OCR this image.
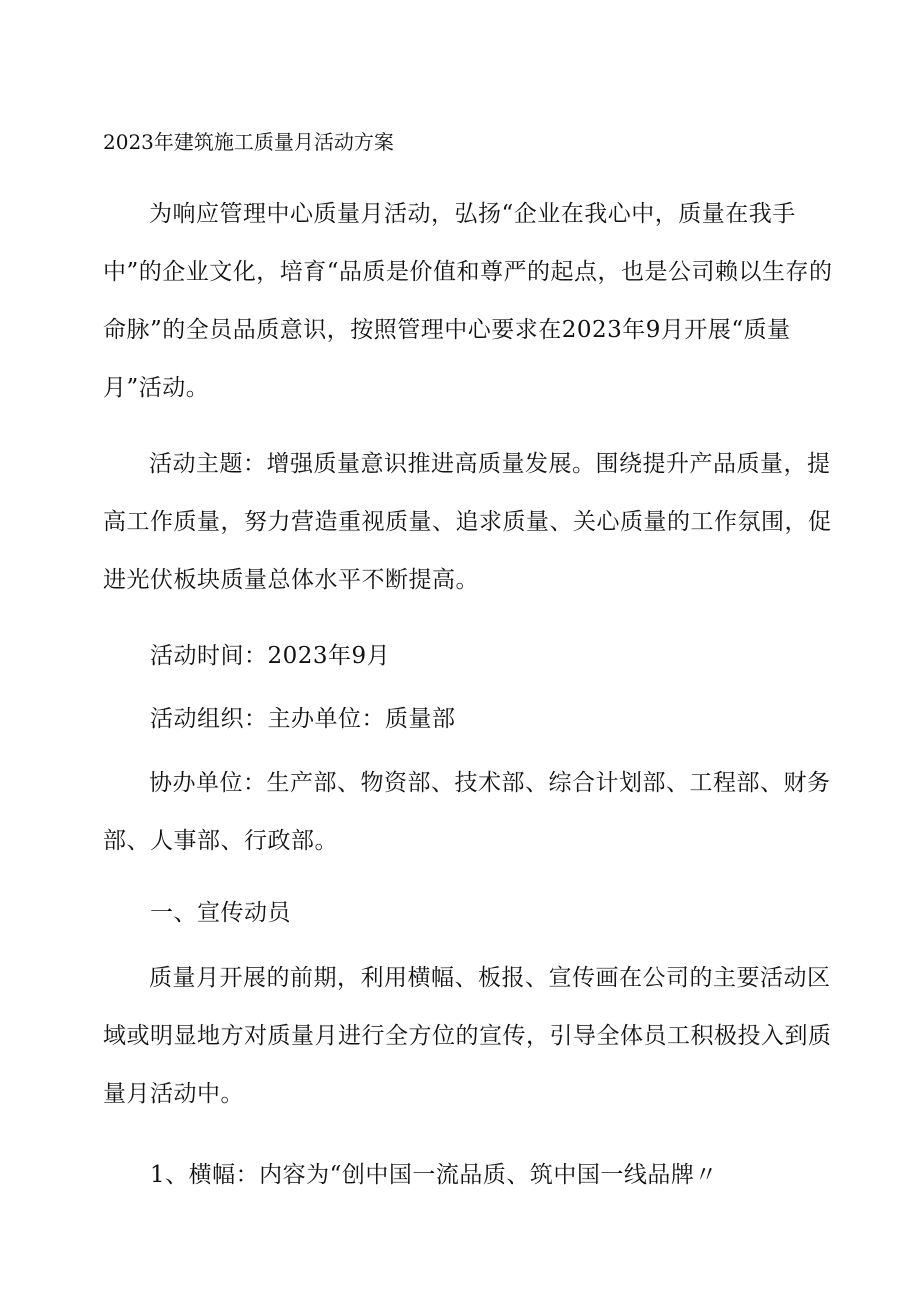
2023年建筑施工质量月活动方案

为响应管理中心质量月活动，弘扬“企业在我心中，质量在我手中”的企业文化，培育“品质是价值和尊严的起点，也是公司赖以生存的命脉”的全员品质意识，按照管理中心要求在2023年9月开展“质量月”活动。

活动主题：增强质量意识推进高质量发展。围绕提升产品质量，提高工作质量，努力营造重视质量、追求质量、关心质量的工作氛围，促进光伏板块质量总体水平不断提高。

活动时间：2023年9月
活动组织：主办单位：质量部

协办单位：生产部、物资部、技术部、综合计划部、工程部、财务部、人事部、行政部。

一、宣传动员

质量月开展的前期，利用横幅、板报、宣传画在公司的主要活动区域或明显地方对质量月进行全方位的宣传，引导全体员工积极投入到质量月活动中。

1、横幅：内容为“创中国一流品质、筑中国一线品牌〃
